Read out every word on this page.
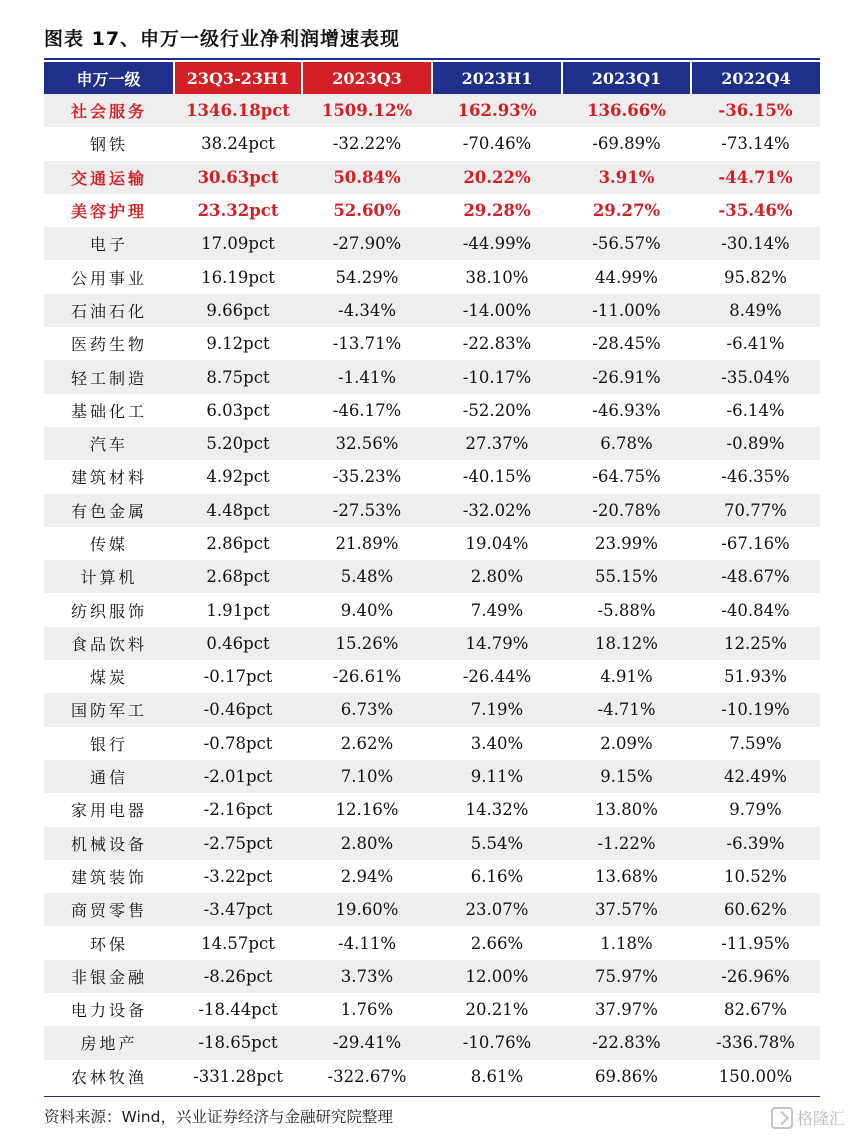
图表 17、申万一级行业净利润增速表现
申万一级	23Q3-23H1	2023Q3	2023H1	2023Q1	2022Q4
社会服务	1346.18pct	1509.12%	162.93%	136.66%	-36.15%
钢铁	38.24pct	-32.22%	-70.46%	-69.89%	-73.14%
交通运输	30.63pct	50.84%	20.22%	3.91%	-44.71%
美容护理	23.32pct	52.60%	29.28%	29.27%	-35.46%
电子	17.09pct	-27.90%	-44.99%	-56.57%	-30.14%
公用事业	16.19pct	54.29%	38.10%	44.99%	95.82%
石油石化	9.66pct	-4.34%	-14.00%	-11.00%	8.49%
医药生物	9.12pct	-13.71%	-22.83%	-28.45%	-6.41%
轻工制造	8.75pct	-1.41%	-10.17%	-26.91%	-35.04%
基础化工	6.03pct	-46.17%	-52.20%	-46.93%	-6.14%
汽车	5.20pct	32.56%	27.37%	6.78%	-0.89%
建筑材料	4.92pct	-35.23%	-40.15%	-64.75%	-46.35%
有色金属	4.48pct	-27.53%	-32.02%	-20.78%	70.77%
传媒	2.86pct	21.89%	19.04%	23.99%	-67.16%
计算机	2.68pct	5.48%	2.80%	55.15%	-48.67%
纺织服饰	1.91pct	9.40%	7.49%	-5.88%	-40.84%
食品饮料	0.46pct	15.26%	14.79%	18.12%	12.25%
煤炭	-0.17pct	-26.61%	-26.44%	4.91%	51.93%
国防军工	-0.46pct	6.73%	7.19%	-4.71%	-10.19%
银行	-0.78pct	2.62%	3.40%	2.09%	7.59%
通信	-2.01pct	7.10%	9.11%	9.15%	42.49%
家用电器	-2.16pct	12.16%	14.32%	13.80%	9.79%
机械设备	-2.75pct	2.80%	5.54%	-1.22%	-6.39%
建筑装饰	-3.22pct	2.94%	6.16%	13.68%	10.52%
商贸零售	-3.47pct	19.60%	23.07%	37.57%	60.62%
环保	14.57pct	-4.11%	2.66%	1.18%	-11.95%
非银金融	-8.26pct	3.73%	12.00%	75.97%	-26.96%
电力设备	-18.44pct	1.76%	20.21%	37.97%	82.67%
房地产	-18.65pct	-29.41%	-10.76%	-22.83%	-336.78%
农林牧渔	-331.28pct	-322.67%	8.61%	69.86%	150.00%
资料来源：Wind，兴业证券经济与金融研究院整理	格隆汇
